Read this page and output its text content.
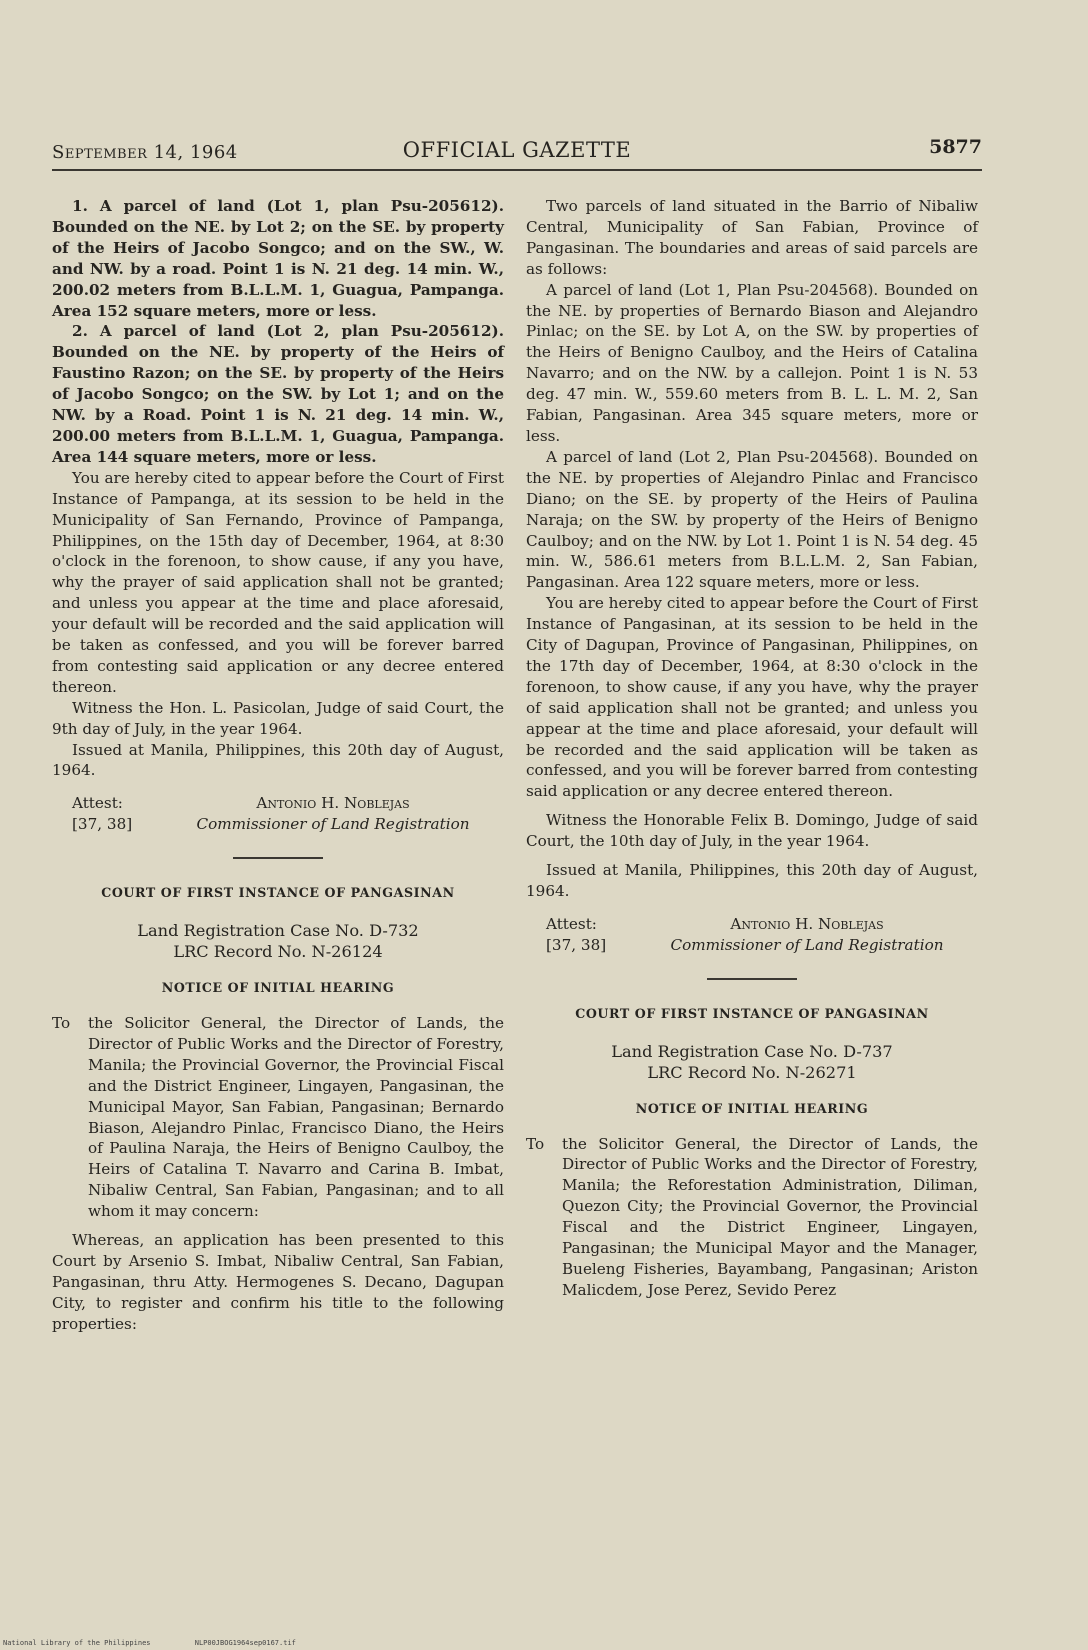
September 14, 1964	OFFICIAL GAZETTE	5877

1. A parcel of land (Lot 1, plan Psu-205612). Bounded on the NE. by Lot 2; on the SE. by property of the Heirs of Jacobo Songco; and on the SW., W. and NW. by a road. Point 1 is N. 21 deg. 14 min. W., 200.02 meters from B.L.L.M. 1, Guagua, Pampanga. Area 152 square meters, more or less.

2. A parcel of land (Lot 2, plan Psu-205612). Bounded on the NE. by property of the Heirs of Faustino Razon; on the SE. by property of the Heirs of Jacobo Songco; on the SW. by Lot 1; and on the NW. by a Road. Point 1 is N. 21 deg. 14 min. W., 200.00 meters from B.L.L.M. 1, Guagua, Pampanga. Area 144 square meters, more or less.

You are hereby cited to appear before the Court of First Instance of Pampanga, at its session to be held in the Municipality of San Fernando, Province of Pampanga, Philippines, on the 15th day of December, 1964, at 8:30 o'clock in the forenoon, to show cause, if any you have, why the prayer of said application shall not be granted; and unless you appear at the time and place aforesaid, your default will be recorded and the said application will be taken as confessed, and you will be forever barred from contesting said application or any decree entered thereon.

Witness the Hon. L. Pasicolan, Judge of said Court, the 9th day of July, in the year 1964.

Issued at Manila, Philippines, this 20th day of August, 1964.

Attest:
[37, 38]
Antonio H. Noblejas
Commissioner of Land Registration
COURT OF FIRST INSTANCE OF PANGASINAN
Land Registration Case No. D-732
LRC Record No. N-26124
NOTICE OF INITIAL HEARING
To	the Solicitor General, the Director of Lands, the Director of Public Works and the Director of Forestry, Manila; the Provincial Governor, the Provincial Fiscal and the District Engineer, Lingayen, Pangasinan, the Municipal Mayor, San Fabian, Pangasinan; Bernardo Biason, Alejandro Pinlac, Francisco Diano, the Heirs of Paulina Naraja, the Heirs of Benigno Caulboy, the Heirs of Catalina T. Navarro and Carina B. Imbat, Nibaliw Central, San Fabian, Pangasinan; and to all whom it may concern:

Whereas, an application has been presented to this Court by Arsenio S. Imbat, Nibaliw Central, San Fabian, Pangasinan, thru Atty. Hermogenes S. Decano, Dagupan City, to register and confirm his title to the following properties:

Two parcels of land situated in the Barrio of Nibaliw Central, Municipality of San Fabian, Province of Pangasinan. The boundaries and areas of said parcels are as follows:

A parcel of land (Lot 1, Plan Psu-204568). Bounded on the NE. by properties of Bernardo Biason and Alejandro Pinlac; on the SE. by Lot A, on the SW. by properties of the Heirs of Benigno Caulboy, and the Heirs of Catalina Navarro; and on the NW. by a callejon. Point 1 is N. 53 deg. 47 min. W., 559.60 meters from B. L. L. M. 2, San Fabian, Pangasinan. Area 345 square meters, more or less.

A parcel of land (Lot 2, Plan Psu-204568). Bounded on the NE. by properties of Alejandro Pinlac and Francisco Diano; on the SE. by property of the Heirs of Paulina Naraja; on the SW. by property of the Heirs of Benigno Caulboy; and on the NW. by Lot 1. Point 1 is N. 54 deg. 45 min. W., 586.61 meters from B.L.L.M. 2, San Fabian, Pangasinan. Area 122 square meters, more or less.

You are hereby cited to appear before the Court of First Instance of Pangasinan, at its session to be held in the City of Dagupan, Province of Pangasinan, Philippines, on the 17th day of December, 1964, at 8:30 o'clock in the forenoon, to show cause, if any you have, why the prayer of said application shall not be granted; and unless you appear at the time and place aforesaid, your default will be recorded and the said application will be taken as confessed, and you will be forever barred from contesting said application or any decree entered thereon.

Witness the Honorable Felix B. Domingo, Judge of said Court, the 10th day of July, in the year 1964.

Issued at Manila, Philippines, this 20th day of August, 1964.

Attest:
[37, 38]
Antonio H. Noblejas
Commissioner of Land Registration
COURT OF FIRST INSTANCE OF PANGASINAN
Land Registration Case No. D-737
LRC Record No. N-26271
NOTICE OF INITIAL HEARING
To	the Solicitor General, the Director of Lands, the Director of Public Works and the Director of Forestry, Manila; the Reforestation Administration, Diliman, Quezon City; the Provincial Governor, the Provincial Fiscal and the District Engineer, Lingayen, Pangasinan; the Municipal Mayor and the Manager, Bueleng Fisheries, Bayambang, Pangasinan; Ariston Malicdem, Jose Perez, Sevido Perez
National Library of the Philippines	NLP00JBOG1964sep0167.tif
